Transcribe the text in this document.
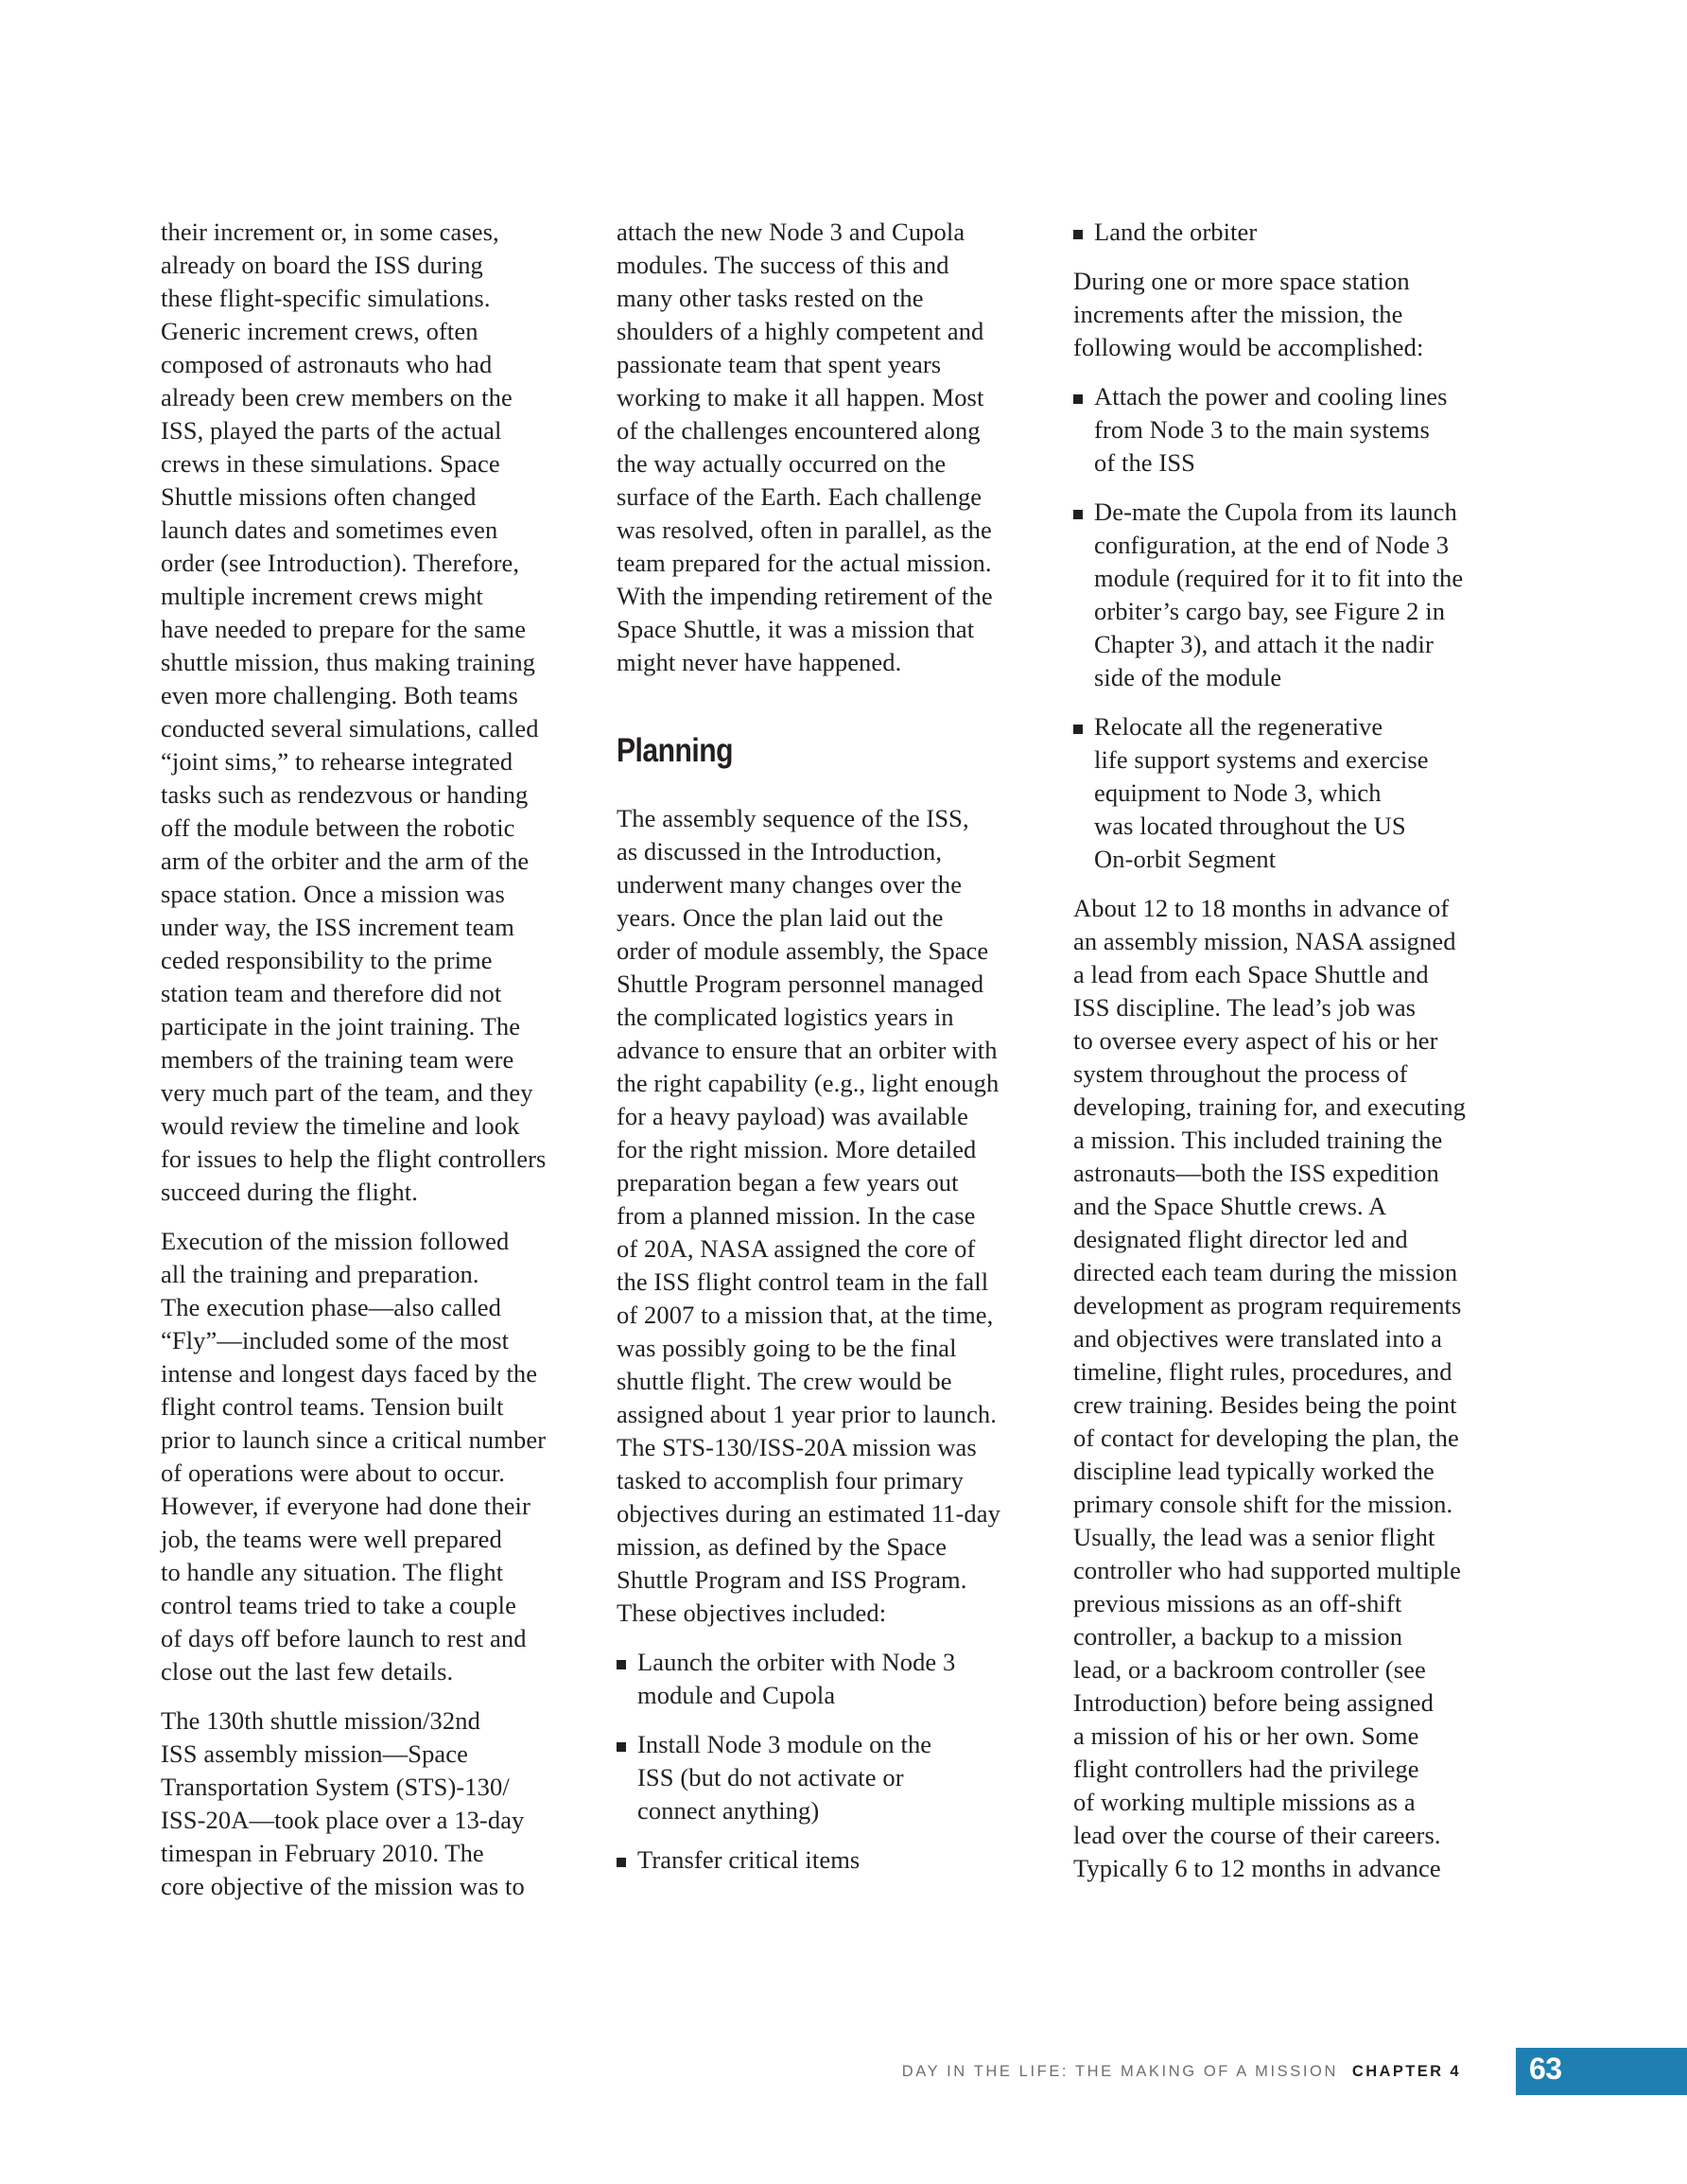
their increment or, in some cases,
already on board the ISS during
these flight-specific simulations.
Generic increment crews, often
composed of astronauts who had
already been crew members on the
ISS, played the parts of the actual
crews in these simulations. Space
Shuttle missions often changed
launch dates and sometimes even
order (see Introduction). Therefore,
multiple increment crews might
have needed to prepare for the same
shuttle mission, thus making training
even more challenging. Both teams
conducted several simulations, called
“joint sims,” to rehearse integrated
tasks such as rendezvous or handing
off the module between the robotic
arm of the orbiter and the arm of the
space station. Once a mission was
under way, the ISS increment team
ceded responsibility to the prime
station team and therefore did not
participate in the joint training. The
members of the training team were
very much part of the team, and they
would review the timeline and look
for issues to help the flight controllers
succeed during the flight.
Execution of the mission followed
all the training and preparation.
The execution phase—also called
“Fly”—included some of the most
intense and longest days faced by the
flight control teams. Tension built
prior to launch since a critical number
of operations were about to occur.
However, if everyone had done their
job, the teams were well prepared
to handle any situation. The flight
control teams tried to take a couple
of days off before launch to rest and
close out the last few details.
The 130th shuttle mission/32nd
ISS assembly mission—Space
Transportation System (STS)-130/
ISS-20A—took place over a 13-day
timespan in February 2010. The
core objective of the mission was to
attach the new Node 3 and Cupola
modules. The success of this and
many other tasks rested on the
shoulders of a highly competent and
passionate team that spent years
working to make it all happen. Most
of the challenges encountered along
the way actually occurred on the
surface of the Earth. Each challenge
was resolved, often in parallel, as the
team prepared for the actual mission.
With the impending retirement of the
Space Shuttle, it was a mission that
might never have happened.
Planning
The assembly sequence of the ISS,
as discussed in the Introduction,
underwent many changes over the
years. Once the plan laid out the
order of module assembly, the Space
Shuttle Program personnel managed
the complicated logistics years in
advance to ensure that an orbiter with
the right capability (e.g., light enough
for a heavy payload) was available
for the right mission. More detailed
preparation began a few years out
from a planned mission. In the case
of 20A, NASA assigned the core of
the ISS flight control team in the fall
of 2007 to a mission that, at the time,
was possibly going to be the final
shuttle flight. The crew would be
assigned about 1 year prior to launch.
The STS-130/ISS-20A mission was
tasked to accomplish four primary
objectives during an estimated 11-day
mission, as defined by the Space
Shuttle Program and ISS Program.
These objectives included:
Launch the orbiter with Node 3
module and Cupola
Install Node 3 module on the
ISS (but do not activate or
connect anything)
Transfer critical items
Land the orbiter
During one or more space station
increments after the mission, the
following would be accomplished:
Attach the power and cooling lines
from Node 3 to the main systems
of the ISS
De-mate the Cupola from its launch
configuration, at the end of Node 3
module (required for it to fit into the
orbiter’s cargo bay, see Figure 2 in
Chapter 3), and attach it the nadir
side of the module
Relocate all the regenerative
life support systems and exercise
equipment to Node 3, which
was located throughout the US
On-orbit Segment
About 12 to 18 months in advance of
an assembly mission, NASA assigned
a lead from each Space Shuttle and
ISS discipline. The lead’s job was
to oversee every aspect of his or her
system throughout the process of
developing, training for, and executing
a mission. This included training the
astronauts—both the ISS expedition
and the Space Shuttle crews. A
designated flight director led and
directed each team during the mission
development as program requirements
and objectives were translated into a
timeline, flight rules, procedures, and
crew training. Besides being the point
of contact for developing the plan, the
discipline lead typically worked the
primary console shift for the mission.
Usually, the lead was a senior flight
controller who had supported multiple
previous missions as an off-shift
controller, a backup to a mission
lead, or a backroom controller (see
Introduction) before being assigned
a mission of his or her own. Some
flight controllers had the privilege
of working multiple missions as a
lead over the course of their careers.
Typically 6 to 12 months in advance
DAY IN THE LIFE: THE MAKING OF A MISSION CHAPTER 4 63
